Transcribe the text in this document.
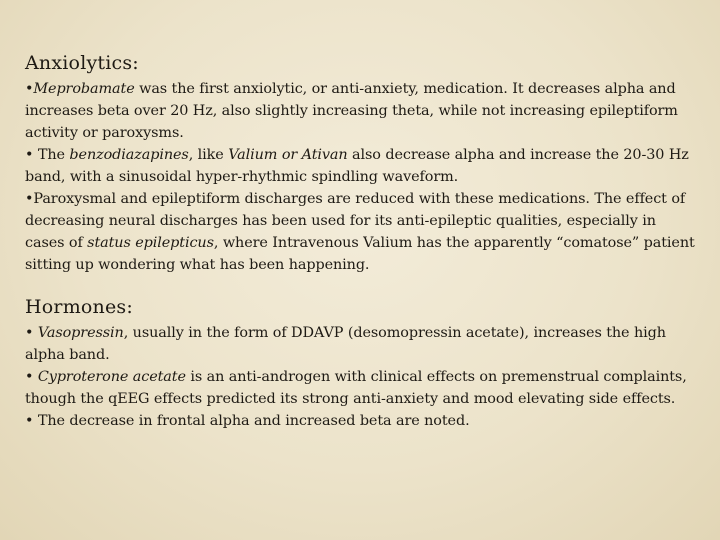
Anxiolytics:

•Meprobamate was the first anxiolytic, or anti-anxiety, medication. It decreases alpha and increases beta over 20 Hz, also slightly increasing theta, while not increasing epileptiform activity or paroxysms.

• The benzodiazapines, like Valium or Ativan also decrease alpha and increase the 20-30 Hz band, with a sinusoidal hyper-rhythmic spindling waveform.

•Paroxysmal and epileptiform discharges are reduced with these medications. The effect of decreasing neural discharges has been used for its anti-epileptic qualities, especially in cases of status epilepticus, where Intravenous Valium has the apparently “comatose” patient sitting up wondering what has been happening.

Hormones:

• Vasopressin, usually in the form of DDAVP (desomopressin acetate), increases the high alpha band.

• Cyproterone acetate is an anti-androgen with clinical effects on premenstrual complaints, though the qEEG effects predicted its strong anti-anxiety and mood elevating side effects.

• The decrease in frontal alpha and increased beta are noted.
